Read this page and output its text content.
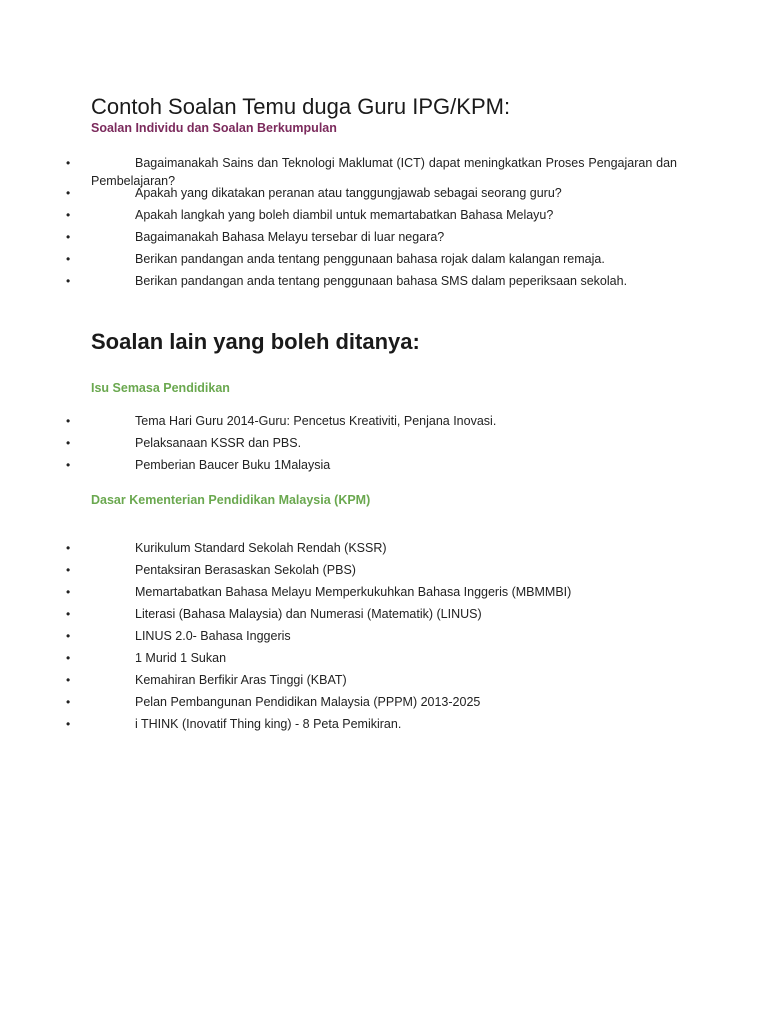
Contoh Soalan Temu duga Guru IPG/KPM:
Soalan Individu dan Soalan Berkumpulan
•	Bagaimanakah Sains dan Teknologi Maklumat (ICT) dapat meningkatkan Proses Pengajaran dan Pembelajaran?
•	Apakah yang dikatakan peranan atau tanggungjawab sebagai seorang guru?
•	Apakah langkah yang boleh diambil untuk memartabatkan Bahasa Melayu?
•	Bagaimanakah Bahasa Melayu tersebar di luar negara?
•	Berikan pandangan anda tentang penggunaan bahasa rojak dalam kalangan remaja.
•	Berikan pandangan anda tentang penggunaan bahasa SMS dalam peperiksaan sekolah.
Soalan lain yang boleh ditanya:
Isu Semasa Pendidikan
•	Tema Hari Guru 2014-Guru: Pencetus Kreativiti, Penjana Inovasi.
•	Pelaksanaan KSSR dan PBS.
•	Pemberian Baucer Buku 1Malaysia
Dasar Kementerian Pendidikan Malaysia (KPM)
•	Kurikulum Standard Sekolah Rendah (KSSR)
•	Pentaksiran Berasaskan Sekolah (PBS)
•	Memartabatkan Bahasa Melayu Memperkukuhkan Bahasa Inggeris (MBMMBI)
•	Literasi (Bahasa Malaysia) dan Numerasi (Matematik) (LINUS)
•	LINUS 2.0- Bahasa Inggeris
•	1 Murid 1 Sukan
•	Kemahiran Berfikir Aras Tinggi (KBAT)
•	Pelan Pembangunan Pendidikan Malaysia (PPPM) 2013-2025
•	i THINK (Inovatif Thing king) - 8 Peta Pemikiran.
